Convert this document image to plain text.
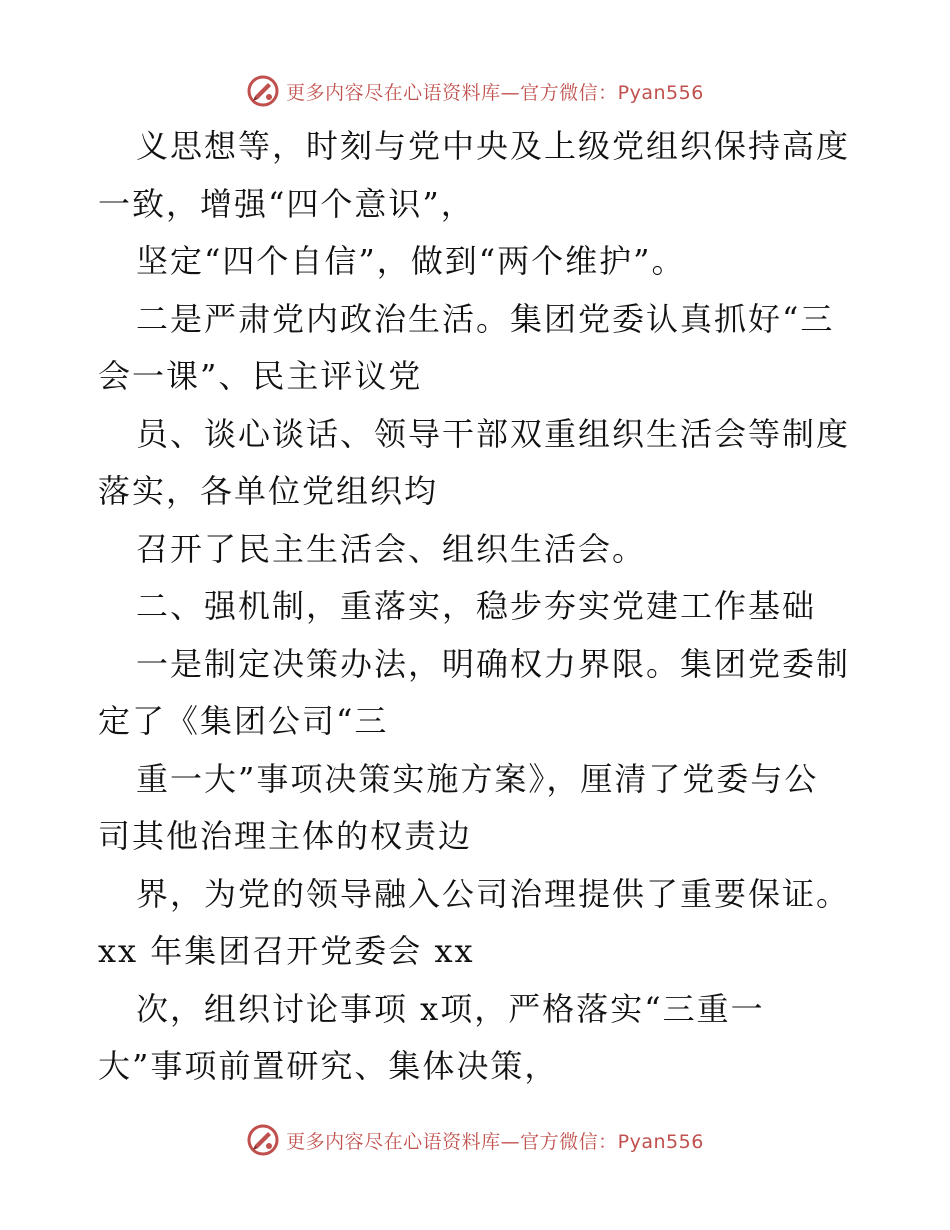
更多内容尽在心语资料库—官方微信：Pyan556
义思想等，时刻与党中央及上级党组织保持高度
一致，增强“四个意识”，
坚定“四个自信”，做到“两个维护”。
二是严肃党内政治生活。集团党委认真抓好“三
会一课”、民主评议党
员、谈心谈话、领导干部双重组织生活会等制度
落实，各单位党组织均
召开了民主生活会、组织生活会。
二、强机制，重落实，稳步夯实党建工作基础
一是制定决策办法，明确权力界限。集团党委制
定了《集团公司“三
重一大”事项决策实施方案》，厘清了党委与公
司其他治理主体的权责边
界，为党的领导融入公司治理提供了重要保证。
xx 年集团召开党委会 xx
次，组织讨论事项 x项，严格落实“三重一
大”事项前置研究、集体决策，
更多内容尽在心语资料库—官方微信：Pyan556
